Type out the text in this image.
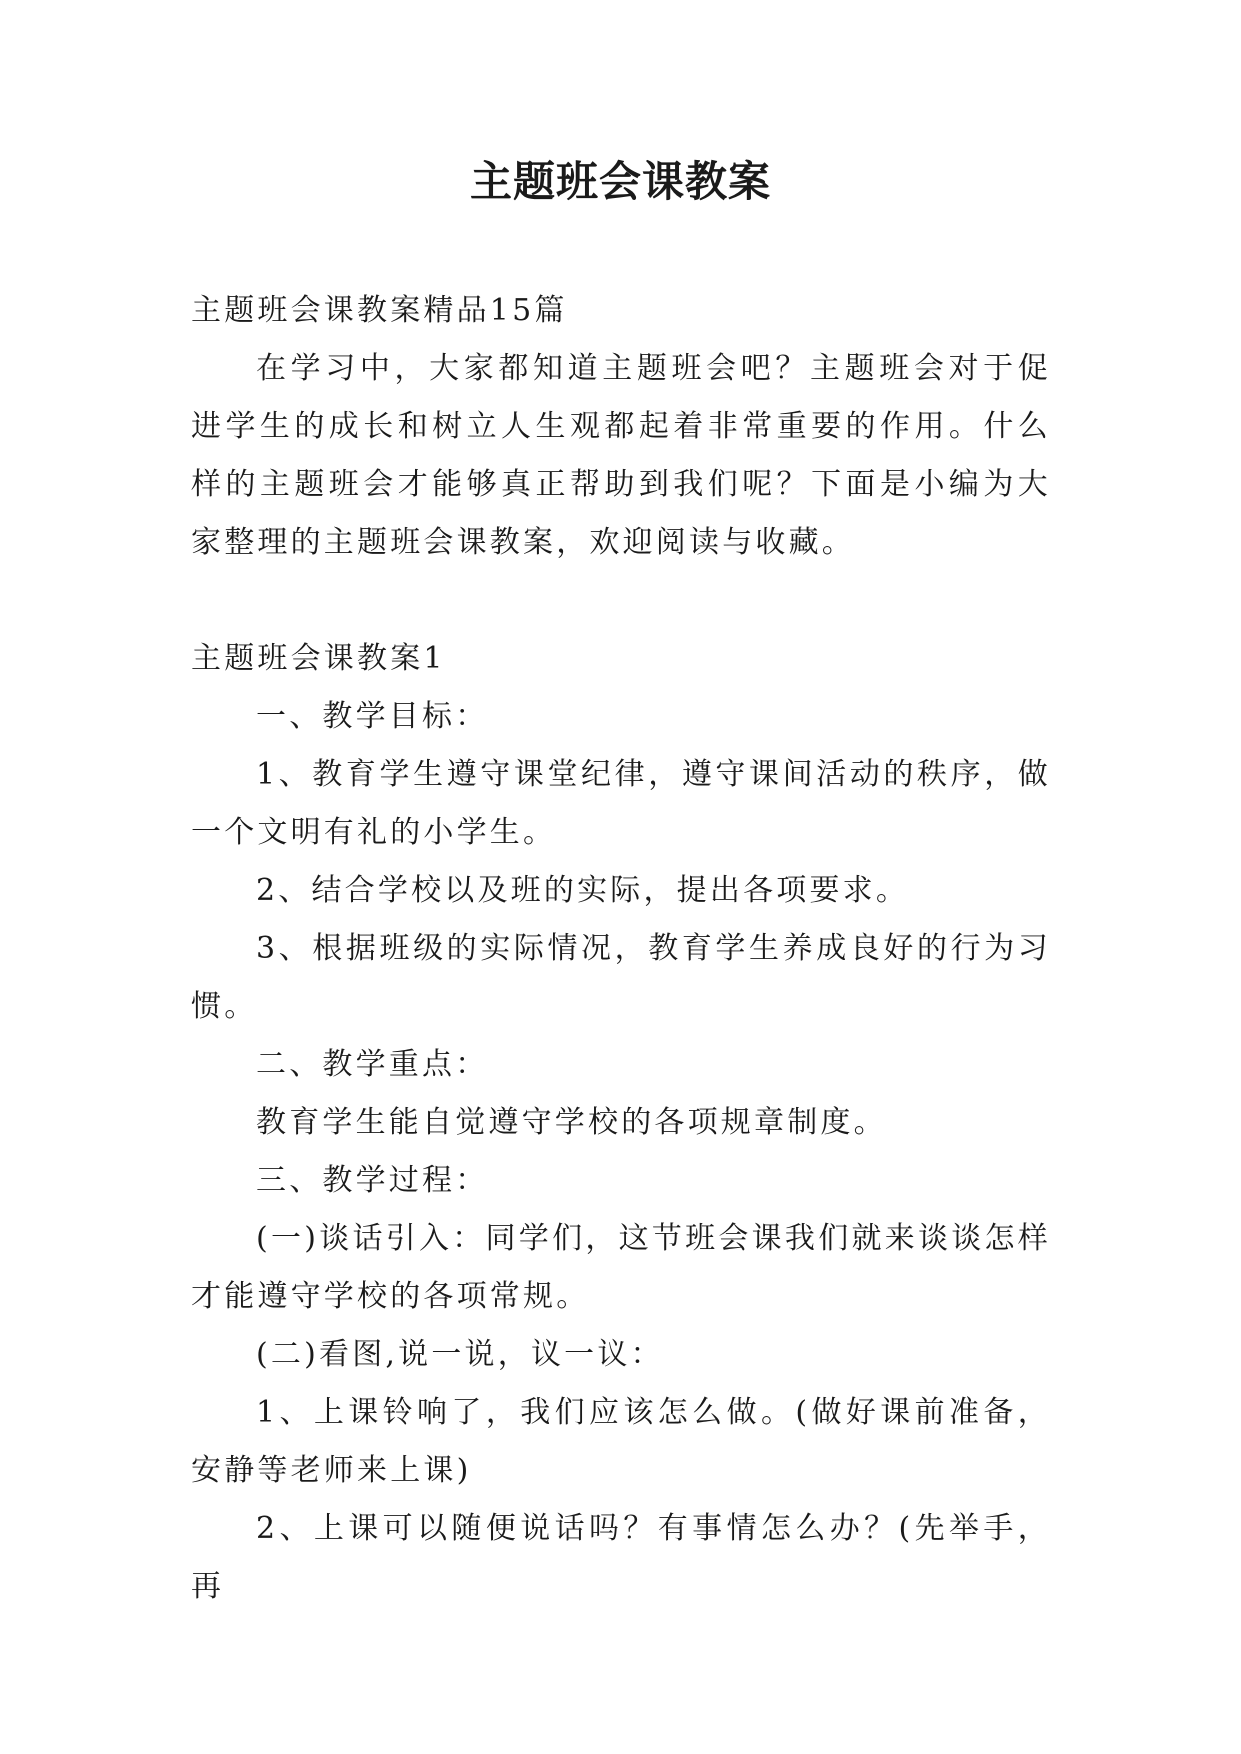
主题班会课教案

主题班会课教案精品15篇

在学习中，大家都知道主题班会吧？主题班会对于促进学生的成长和树立人生观都起着非常重要的作用。什么样的主题班会才能够真正帮助到我们呢？下面是小编为大家整理的主题班会课教案，欢迎阅读与收藏。

主题班会课教案1

一、教学目标：

1、教育学生遵守课堂纪律，遵守课间活动的秩序，做一个文明有礼的小学生。

2、结合学校以及班的实际，提出各项要求。

3、根据班级的实际情况，教育学生养成良好的行为习惯。

二、教学重点：

教育学生能自觉遵守学校的各项规章制度。

三、教学过程：

(一)谈话引入：同学们，这节班会课我们就来谈谈怎样才能遵守学校的各项常规。

(二)看图,说一说，议一议：

1、上课铃响了，我们应该怎么做。(做好课前准备，安静等老师来上课)

2、上课可以随便说话吗？有事情怎么办？(先举手，再
